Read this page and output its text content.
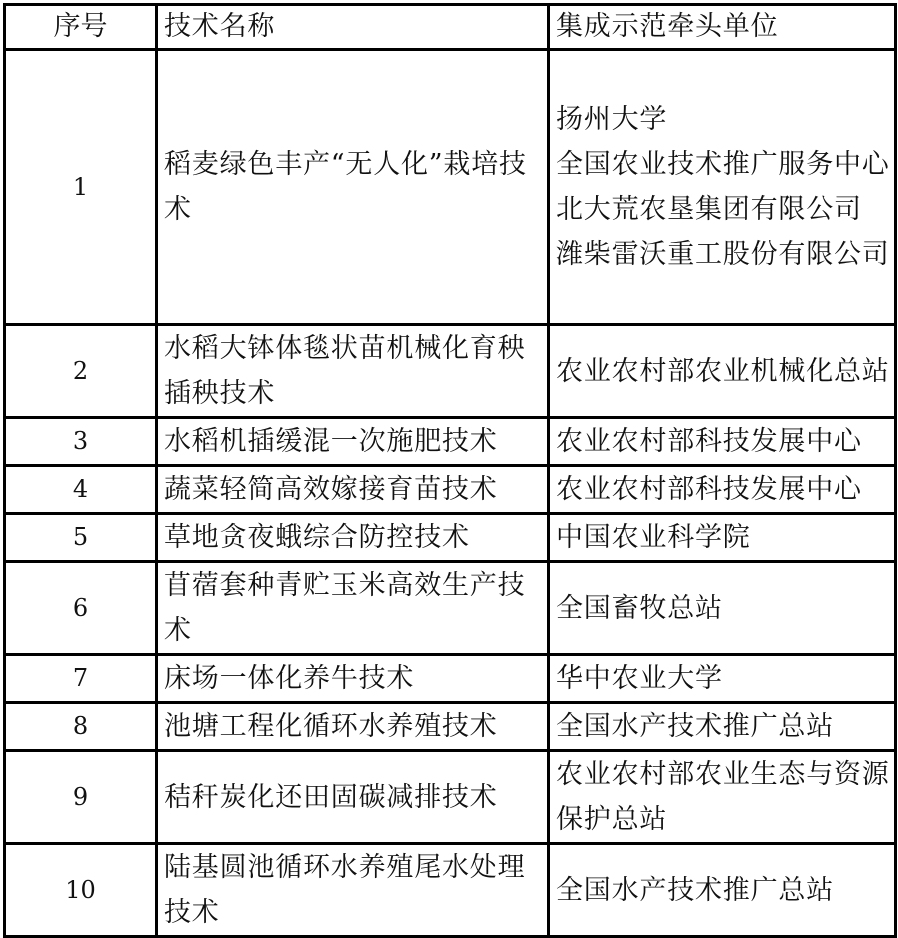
序号	技术名称	集成示范牵头单位

1	稻麦绿色丰产“无人化”栽培技术	扬州大学
全国农业技术推广服务中心
北大荒农垦集团有限公司
潍柴雷沃重工股份有限公司

2	水稻大钵体毯状苗机械化育秧插秧技术	农业农村部农业机械化总站

3	水稻机插缓混一次施肥技术	农业农村部科技发展中心

4	蔬菜轻简高效嫁接育苗技术	农业农村部科技发展中心

5	草地贪夜蛾综合防控技术	中国农业科学院

6	苜蓿套种青贮玉米高效生产技术	全国畜牧总站

7	床场一体化养牛技术	华中农业大学

8	池塘工程化循环水养殖技术	全国水产技术推广总站

9	秸秆炭化还田固碳减排技术	农业农村部农业生态与资源保护总站

10	陆基圆池循环水养殖尾水处理技术	全国水产技术推广总站
